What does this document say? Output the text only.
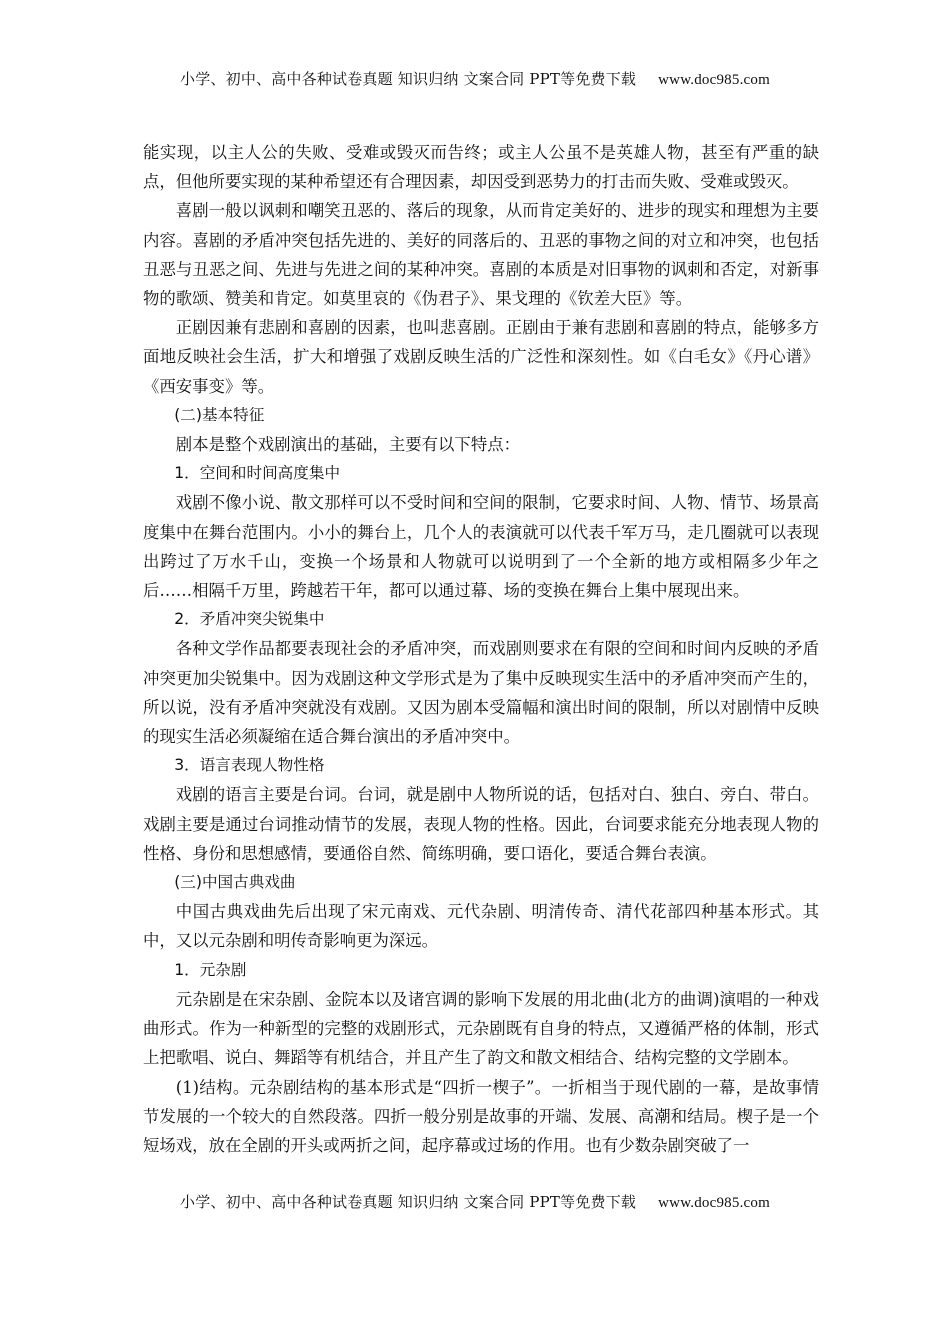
小学、初中、高中各种试卷真题 知识归纳 文案合同 PPT等免费下载 www.doc985.com

能实现，以主人公的失败、受难或毁灭而告终；或主人公虽不是英雄人物，甚至有严重的缺点，但他所要实现的某种希望还有合理因素，却因受到恶势力的打击而失败、受难或毁灭。

喜剧一般以讽刺和嘲笑丑恶的、落后的现象，从而肯定美好的、进步的现实和理想为主要内容。喜剧的矛盾冲突包括先进的、美好的同落后的、丑恶的事物之间的对立和冲突，也包括丑恶与丑恶之间、先进与先进之间的某种冲突。喜剧的本质是对旧事物的讽刺和否定，对新事物的歌颂、赞美和肯定。如莫里哀的《伪君子》、果戈理的《钦差大臣》等。

正剧因兼有悲剧和喜剧的因素，也叫悲喜剧。正剧由于兼有悲剧和喜剧的特点，能够多方面地反映社会生活，扩大和增强了戏剧反映生活的广泛性和深刻性。如《白毛女》《丹心谱》《西安事变》等。

(二)基本特征

剧本是整个戏剧演出的基础，主要有以下特点：

1．空间和时间高度集中

戏剧不像小说、散文那样可以不受时间和空间的限制，它要求时间、人物、情节、场景高度集中在舞台范围内。小小的舞台上，几个人的表演就可以代表千军万马，走几圈就可以表现出跨过了万水千山，变换一个场景和人物就可以说明到了一个全新的地方或相隔多少年之后……相隔千万里，跨越若干年，都可以通过幕、场的变换在舞台上集中展现出来。

2．矛盾冲突尖锐集中

各种文学作品都要表现社会的矛盾冲突，而戏剧则要求在有限的空间和时间内反映的矛盾冲突更加尖锐集中。因为戏剧这种文学形式是为了集中反映现实生活中的矛盾冲突而产生的，所以说，没有矛盾冲突就没有戏剧。又因为剧本受篇幅和演出时间的限制，所以对剧情中反映的现实生活必须凝缩在适合舞台演出的矛盾冲突中。

3．语言表现人物性格

戏剧的语言主要是台词。台词，就是剧中人物所说的话，包括对白、独白、旁白、带白。戏剧主要是通过台词推动情节的发展，表现人物的性格。因此，台词要求能充分地表现人物的性格、身份和思想感情，要通俗自然、简练明确，要口语化，要适合舞台表演。

(三)中国古典戏曲

中国古典戏曲先后出现了宋元南戏、元代杂剧、明清传奇、清代花部四种基本形式。其中，又以元杂剧和明传奇影响更为深远。

1．元杂剧

元杂剧是在宋杂剧、金院本以及诸宫调的影响下发展的用北曲(北方的曲调)演唱的一种戏曲形式。作为一种新型的完整的戏剧形式，元杂剧既有自身的特点，又遵循严格的体制，形式上把歌唱、说白、舞蹈等有机结合，并且产生了韵文和散文相结合、结构完整的文学剧本。

(1)结构。元杂剧结构的基本形式是“四折一楔子”。一折相当于现代剧的一幕，是故事情节发展的一个较大的自然段落。四折一般分别是故事的开端、发展、高潮和结局。楔子是一个短场戏，放在全剧的开头或两折之间，起序幕或过场的作用。也有少数杂剧突破了一

小学、初中、高中各种试卷真题 知识归纳 文案合同 PPT等免费下载 www.doc985.com
